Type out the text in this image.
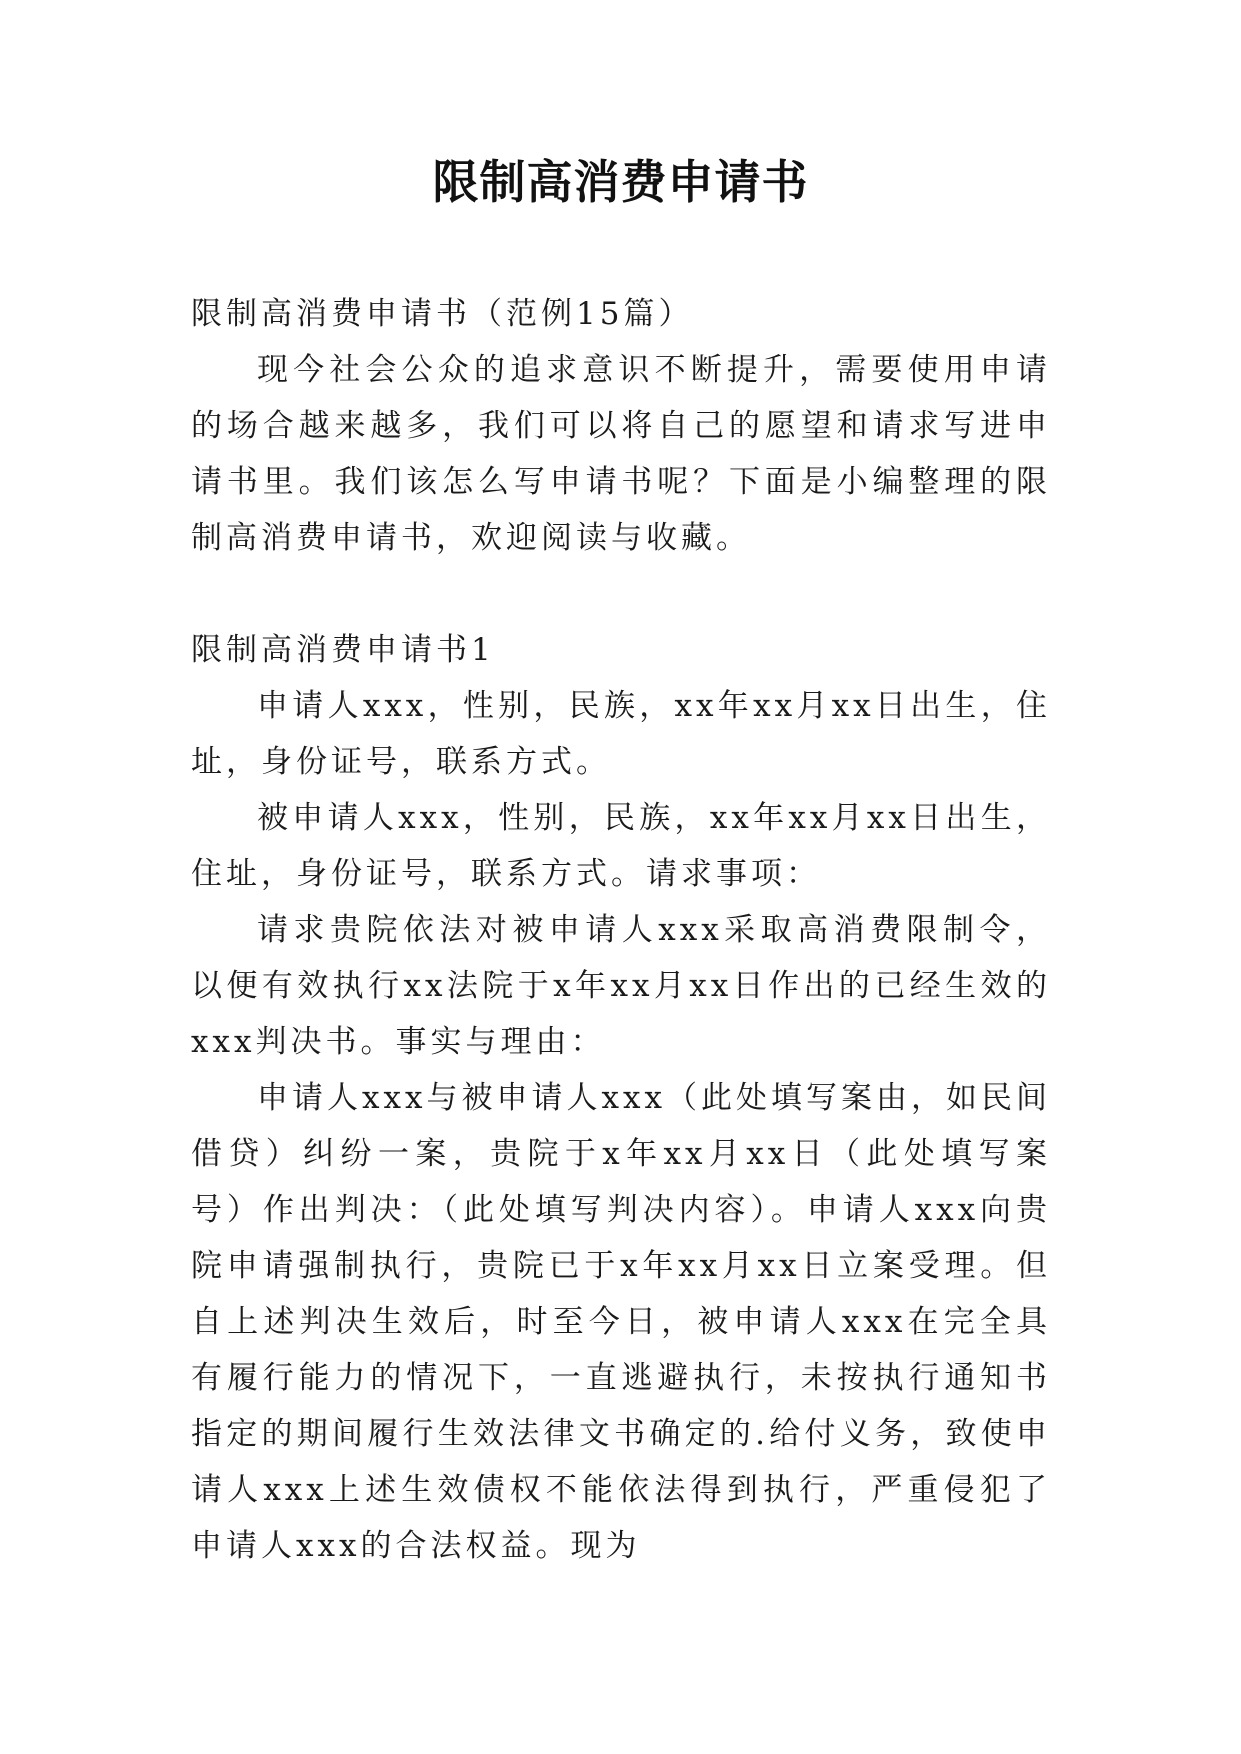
限制高消费申请书

限制高消费申请书（范例15篇）

现今社会公众的追求意识不断提升，需要使用申请的场合越来越多，我们可以将自己的愿望和请求写进申请书里。我们该怎么写申请书呢？下面是小编整理的限制高消费申请书，欢迎阅读与收藏。

限制高消费申请书1

申请人xxx，性别，民族，xx年xx月xx日出生，住址，身份证号，联系方式。

被申请人xxx，性别，民族，xx年xx月xx日出生，住址，身份证号，联系方式。请求事项：

请求贵院依法对被申请人xxx采取高消费限制令，以便有效执行xx法院于x年xx月xx日作出的已经生效的xxx判决书。事实与理由：

申请人xxx与被申请人xxx（此处填写案由，如民间借贷）纠纷一案，贵院于x年xx月xx日（此处填写案号）作出判决：（此处填写判决内容）。申请人xxx向贵院申请强制执行，贵院已于x年xx月xx日立案受理。但自上述判决生效后，时至今日，被申请人xxx在完全具有履行能力的情况下，一直逃避执行，未按执行通知书指定的期间履行生效法律文书确定的.给付义务，致使申请人xxx上述生效债权不能依法得到执行，严重侵犯了申请人xxx的合法权益。现为
